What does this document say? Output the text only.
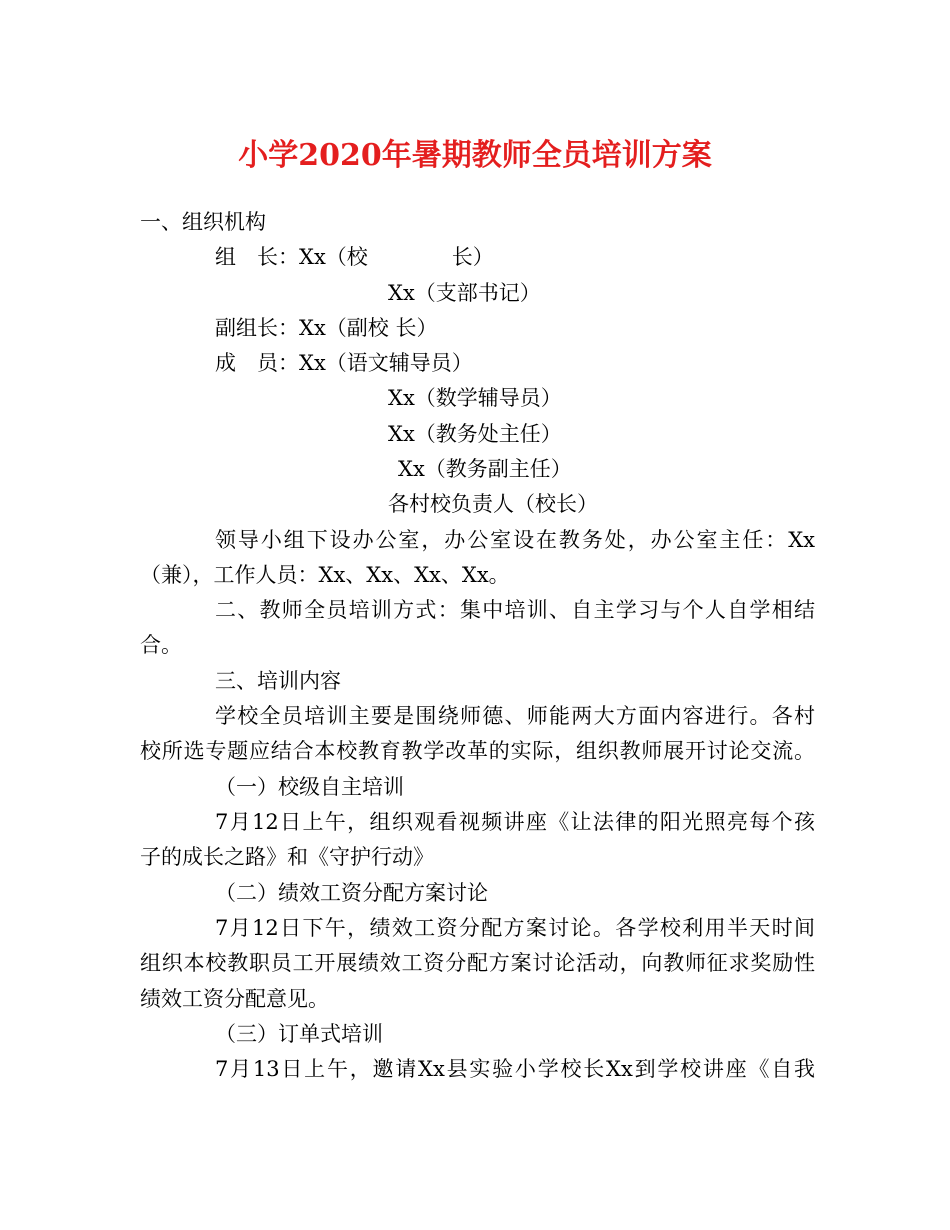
小学2020年暑期教师全员培训方案
一、组织机构
组　长：Xx（校　　　　长）
Xx（支部书记）
副组长：Xx（副校 长）
成　员：Xx（语文辅导员）
Xx（数学辅导员）
Xx（教务处主任）
Xx（教务副主任）
各村校负责人（校长）
领导小组下设办公室，办公室设在教务处，办公室主任：Xx
（兼），工作人员：Xx、Xx、Xx、Xx。
二、教师全员培训方式：集中培训、自主学习与个人自学相结
合。
三、培训内容
学校全员培训主要是围绕师德、师能两大方面内容进行。各村
校所选专题应结合本校教育教学改革的实际，组织教师展开讨论交流。
（一）校级自主培训
7月12日上午，组织观看视频讲座《让法律的阳光照亮每个孩
子的成长之路》和《守护行动》
（二）绩效工资分配方案讨论
7月12日下午，绩效工资分配方案讨论。各学校利用半天时间
组织本校教职员工开展绩效工资分配方案讨论活动，向教师征求奖励性
绩效工资分配意见。
（三）订单式培训
7月13日上午，邀请Xx县实验小学校长Xx到学校讲座《自我
